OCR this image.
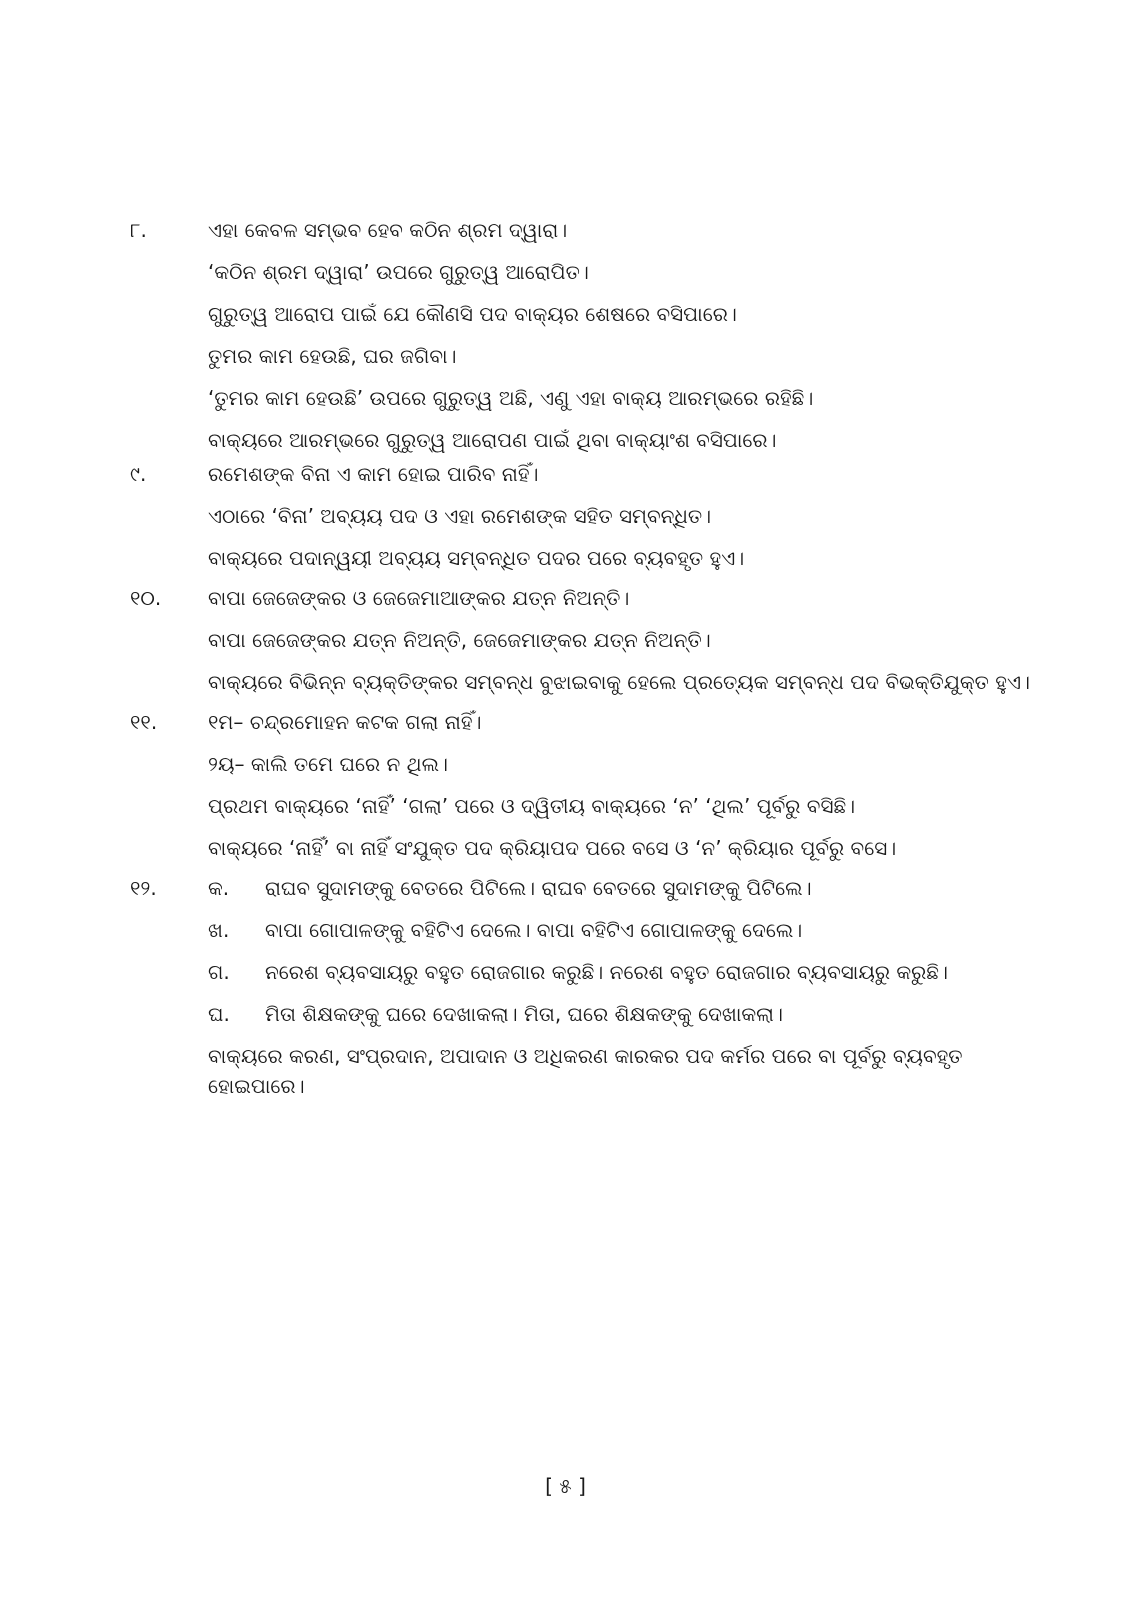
୮.	ଏହା କେବଳ ସମ୍ଭବ ହେବ କଠିନ ଶ୍ରମ ଦ୍ୱାରା।
‘କଠିନ ଶ୍ରମ ଦ୍ୱାରା’ ଉପରେ ଗୁରୁତ୍ୱ ଆରୋପିତ।
ଗୁରୁତ୍ୱ ଆରୋପ ପାଇଁ ଯେ କୌଣସି ପଦ ବାକ୍ୟର ଶେଷରେ ବସିପାରେ।
ତୁମର କାମ ହେଉଛି, ଘର ଜଗିବା।
‘ତୁମର କାମ ହେଉଛି’ ଉପରେ ଗୁରୁତ୍ୱ ଅଛି, ଏଣୁ ଏହା ବାକ୍ୟ ଆରମ୍ଭରେ ରହିଛି।
ବାକ୍ୟରେ ଆରମ୍ଭରେ ଗୁରୁତ୍ୱ ଆରୋପଣ ପାଇଁ ଥିବା ବାକ୍ୟାଂଶ ବସିପାରେ।
୯.	ରମେଶଙ୍କ ବିନା ଏ କାମ ହୋଇ ପାରିବ ନାହିଁ।
ଏଠାରେ ‘ବିନା’ ଅବ୍ୟୟ ପଦ ଓ ଏହା ରମେଶଙ୍କ ସହିତ ସମ୍ବନ୍ଧିତ।
ବାକ୍ୟରେ ପଦାନ୍ୱୟୀ ଅବ୍ୟୟ ସମ୍ବନ୍ଧିତ ପଦର ପରେ ବ୍ୟବହୃତ ହୁଏ।
୧୦. ବାପା ଜେଜେଙ୍କର ଓ ଜେଜେମାଆଙ୍କର ଯତ୍ନ ନିଅନ୍ତି।
ବାପା ଜେଜେଙ୍କର ଯତ୍ନ ନିଅନ୍ତି, ଜେଜେମାଙ୍କର ଯତ୍ନ ନିଅନ୍ତି।
ବାକ୍ୟରେ ବିଭିନ୍ନ ବ୍ୟକ୍ତିଙ୍କର ସମ୍ବନ୍ଧ ବୁଝାଇବାକୁ ହେଲେ ପ୍ରତ୍ୟେକ ସମ୍ବନ୍ଧ ପଦ ବିଭକ୍ତିଯୁକ୍ତ ହୁଏ।
୧୧.	୧ମ– ଚନ୍ଦ୍ରମୋହନ କଟକ ଗଲା ନାହିଁ।
୨ୟ– କାଲି ତମେ ଘରେ ନ ଥିଲ।
ପ୍ରଥମ ବାକ୍ୟରେ ‘ନାହିଁ’ ‘ଗଲା’ ପରେ ଓ ଦ୍ୱିତୀୟ ବାକ୍ୟରେ ‘ନ’ ‘ଥିଲ’ ପୂର୍ବରୁ ବସିଛି।
ବାକ୍ୟରେ ‘ନାହିଁ’ ବା ନାହିଁ ସଂଯୁକ୍ତ ପଦ କ୍ରିୟାପଦ ପରେ ବସେ ଓ ‘ନ’ କ୍ରିୟାର ପୂର୍ବରୁ ବସେ।
୧୨.	କ. ରାଘବ ସୁଦାମଙ୍କୁ ବେତରେ ପିଟିଲେ। ରାଘବ ବେତରେ ସୁଦାମଙ୍କୁ ପିଟିଲେ।
ଖ. ବାପା ଗୋପାଳଙ୍କୁ ବହିଟିଏ ଦେଲେ। ବାପା ବହିଟିଏ ଗୋପାଳଙ୍କୁ ଦେଲେ।
ଗ. ନରେଶ ବ୍ୟବସାୟରୁ ବହୁତ ରୋଜଗାର କରୁଛି। ନରେଶ ବହୁତ ରୋଜଗାର ବ୍ୟବସାୟରୁ କରୁଛି।
ଘ. ମିତା ଶିକ୍ଷକଙ୍କୁ ଘରେ ଦେଖାକଲା। ମିତା, ଘରେ ଶିକ୍ଷକଙ୍କୁ ଦେଖାକଲା।
ବାକ୍ୟରେ କରଣ, ସଂପ୍ରଦାନ, ଅପାଦାନ ଓ ଅଧିକରଣ କାରକର ପଦ କର୍ମର ପରେ ବା ପୂର୍ବରୁ ବ୍ୟବହୃତ
ହୋଇପାରେ।
[ ୫ ]
